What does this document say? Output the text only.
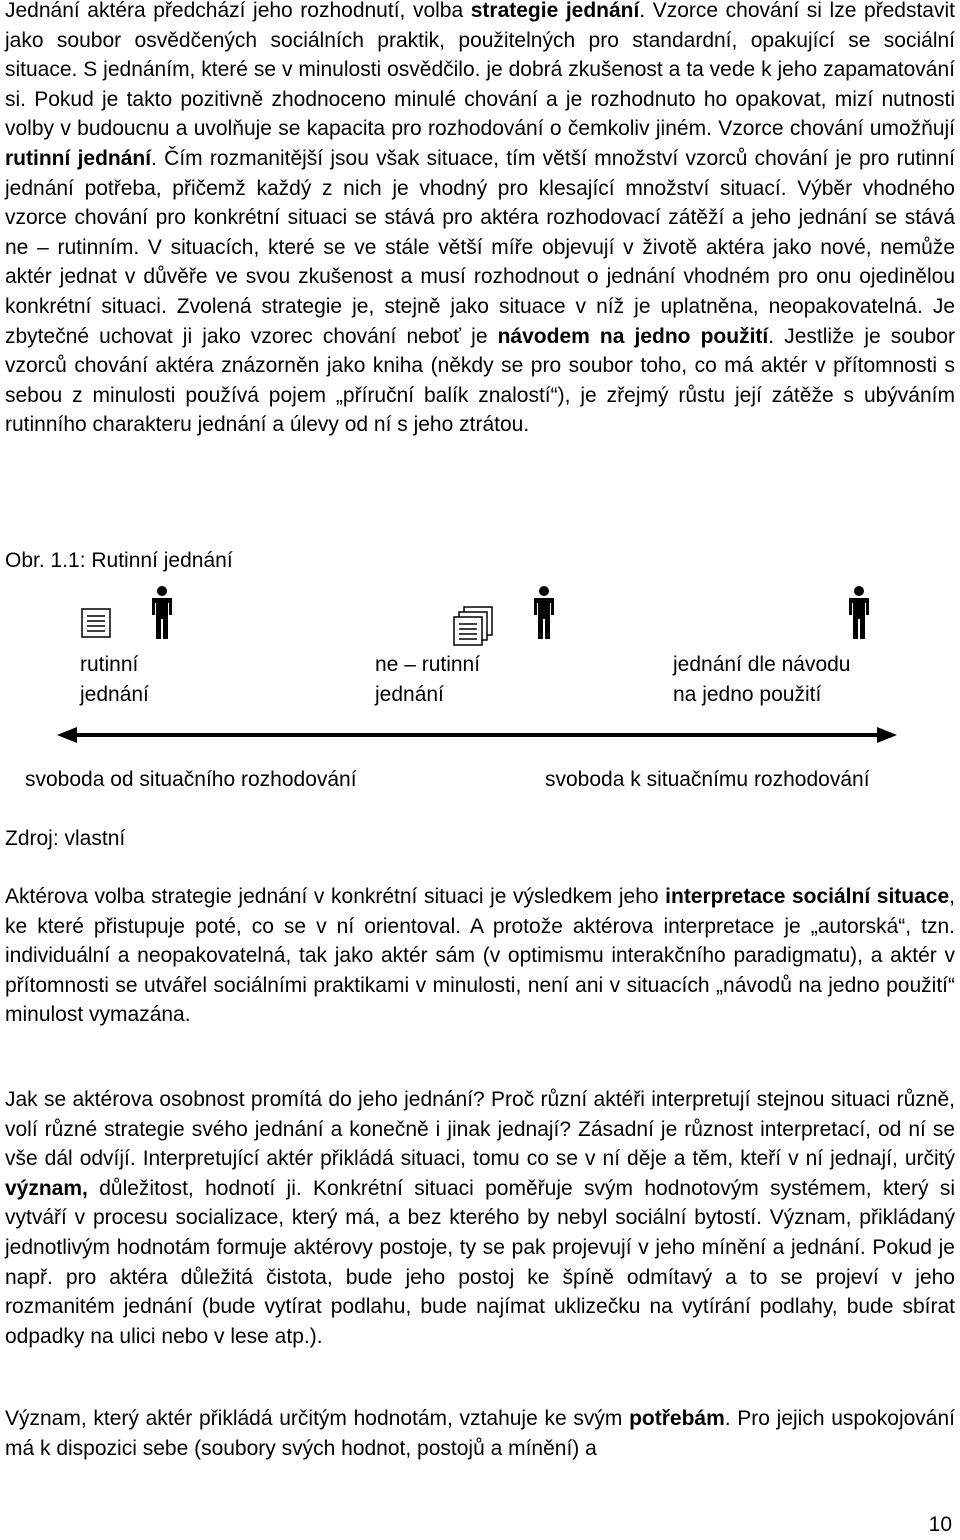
Jednání aktéra předchází jeho rozhodnutí, volba strategie jednání. Vzorce chování si lze představit jako soubor osvědčených sociálních praktik, použitelných pro standardní, opakující se sociální situace. S jednáním, které se v minulosti osvědčilo. je dobrá zkušenost a ta vede k jeho zapamatování si. Pokud je takto pozitivně zhodnoceno minulé chování a je rozhodnuto ho opakovat, mizí nutnosti volby v budoucnu a uvolňuje se kapacita pro rozhodování o čemkoliv jiném. Vzorce chování umožňují rutinní jednání. Čím rozmanitější jsou však situace, tím větší množství vzorců chování je pro rutinní jednání potřeba, přičemž každý z nich je vhodný pro klesající množství situací. Výběr vhodného vzorce chování pro konkrétní situaci se stává pro aktéra rozhodovací zátěží a jeho jednání se stává ne – rutinním. V situacích, které se ve stále větší míře objevují v životě aktéra jako nové, nemůže aktér jednat v důvěře ve svou zkušenost a musí rozhodnout o jednání vhodném pro onu ojedinělou konkrétní situaci. Zvolená strategie je, stejně jako situace v níž je uplatněna, neopakovatelná. Je zbytečné uchovat ji jako vzorec chování neboť je návodem na jedno použití. Jestliže je soubor vzorců chování aktéra znázorněn jako kniha (někdy se pro soubor toho, co má aktér v přítomnosti s sebou z minulosti používá pojem „příruční balík znalostí“), je zřejmý růstu její zátěže s ubýváním rutinního charakteru jednání a úlevy od ní s jeho ztrátou.

Obr. 1.1: Rutinní jednání

rutinní
jednání
ne – rutinní
jednání
jednání dle návodu
na jedno použití
svoboda od situačního rozhodování	svoboda k situačnímu rozhodování

Zdroj: vlastní

Aktérova volba strategie jednání v konkrétní situaci je výsledkem jeho interpretace sociální situace, ke které přistupuje poté, co se v ní orientoval. A protože aktérova interpretace je „autorská“, tzn. individuální a neopakovatelná, tak jako aktér sám (v optimismu interakčního paradigmatu), a aktér v přítomnosti se utvářel sociálními praktikami v minulosti, není ani v situacích „návodů na jedno použití“ minulost vymazána.

Jak se aktérova osobnost promítá do jeho jednání? Proč různí aktéři interpretují stejnou situaci různě, volí různé strategie svého jednání a konečně i jinak jednají? Zásadní je různost interpretací, od ní se vše dál odvíjí. Interpretující aktér přikládá situaci, tomu co se v ní děje a těm, kteří v ní jednají, určitý význam, důležitost, hodnotí ji. Konkrétní situaci poměřuje svým hodnotovým systémem, který si vytváří v procesu socializace, který má, a bez kterého by nebyl sociální bytostí. Význam, přikládaný jednotlivým hodnotám formuje aktérovy postoje, ty se pak projevují v jeho mínění a jednání. Pokud je např. pro aktéra důležitá čistota, bude jeho postoj ke špíně odmítavý a to se projeví v jeho rozmanitém jednání (bude vytírat podlahu, bude najímat uklizečku na vytírání podlahy, bude sbírat odpadky na ulici nebo v lese atp.).

Význam, který aktér přikládá určitým hodnotám, vztahuje ke svým potřebám. Pro jejich uspokojování má k dispozici sebe (soubory svých hodnot, postojů a mínění) a

10
